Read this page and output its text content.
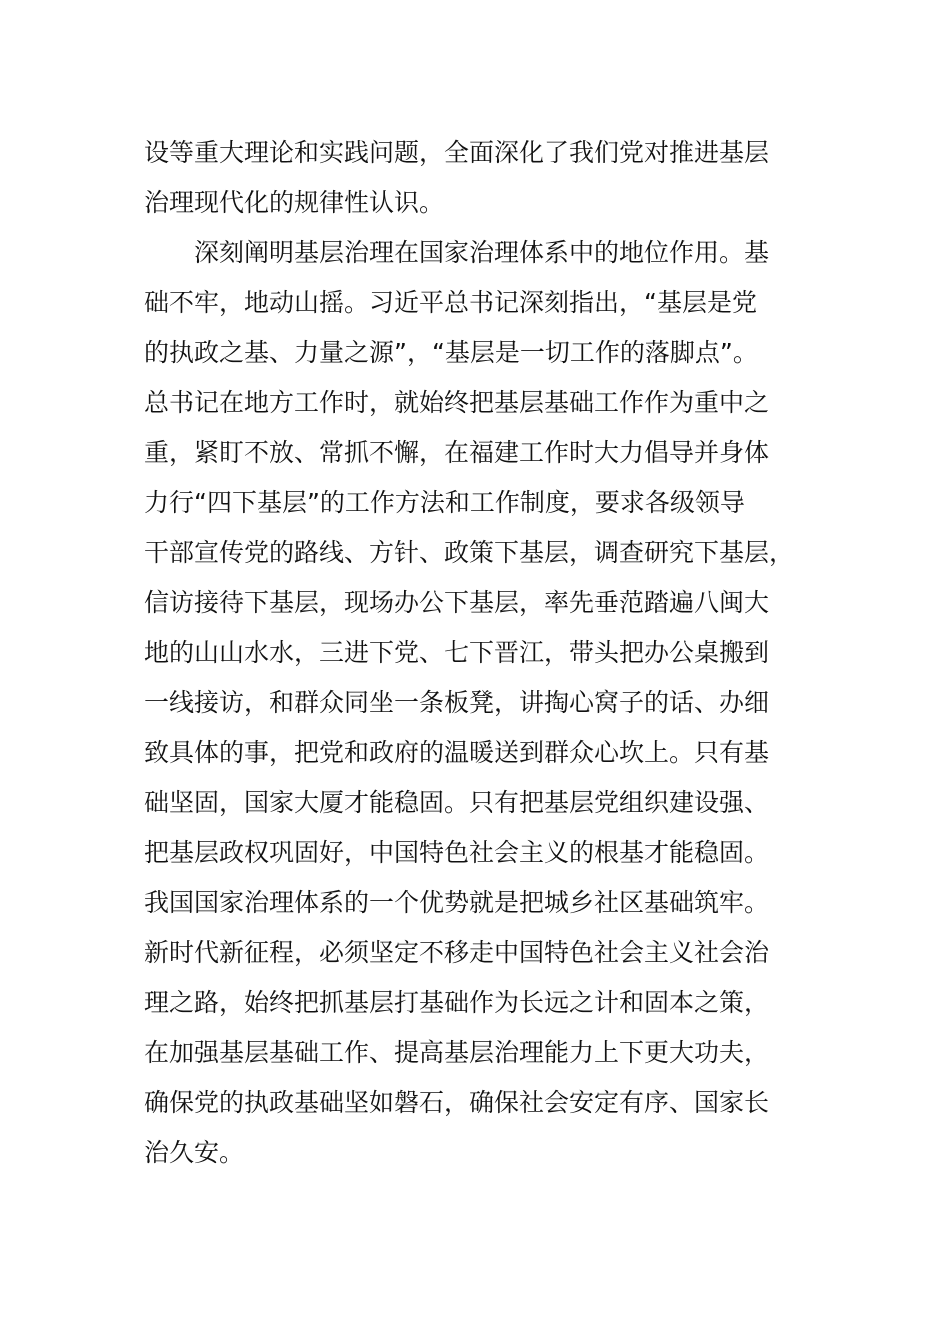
设等重大理论和实践问题，全面深化了我们党对推进基层
治理现代化的规律性认识。
深刻阐明基层治理在国家治理体系中的地位作用。基
础不牢，地动山摇。习近平总书记深刻指出，“基层是党
的执政之基、力量之源”，“基层是一切工作的落脚点”。
总书记在地方工作时，就始终把基层基础工作作为重中之
重，紧盯不放、常抓不懈，在福建工作时大力倡导并身体
力行“四下基层”的工作方法和工作制度，要求各级领导
干部宣传党的路线、方针、政策下基层，调查研究下基层，
信访接待下基层，现场办公下基层，率先垂范踏遍八闽大
地的山山水水，三进下党、七下晋江，带头把办公桌搬到
一线接访，和群众同坐一条板凳，讲掏心窝子的话、办细
致具体的事，把党和政府的温暖送到群众心坎上。只有基
础坚固，国家大厦才能稳固。只有把基层党组织建设强、
把基层政权巩固好，中国特色社会主义的根基才能稳固。
我国国家治理体系的一个优势就是把城乡社区基础筑牢。
新时代新征程，必须坚定不移走中国特色社会主义社会治
理之路，始终把抓基层打基础作为长远之计和固本之策，
在加强基层基础工作、提高基层治理能力上下更大功夫，
确保党的执政基础坚如磐石，确保社会安定有序、国家长
治久安。
